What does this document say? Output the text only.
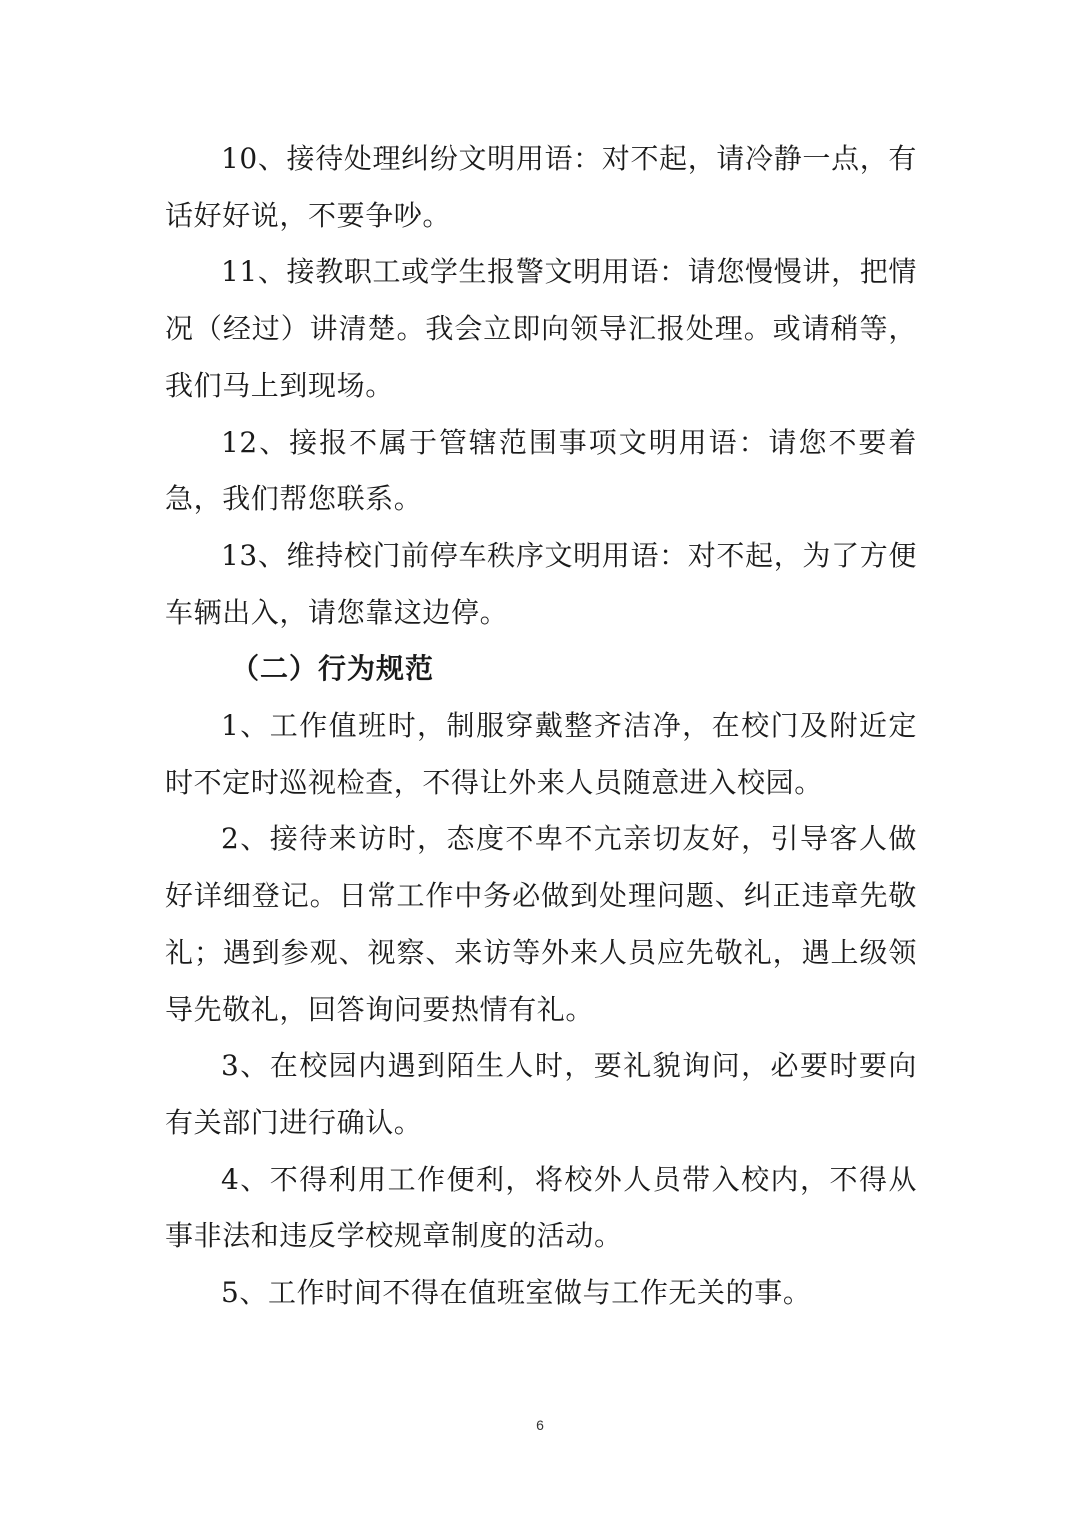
10、接待处理纠纷文明用语：对不起，请冷静一点，有话好好说，不要争吵。

11、接教职工或学生报警文明用语：请您慢慢讲，把情况（经过）讲清楚。我会立即向领导汇报处理。或请稍等，我们马上到现场。

12、接报不属于管辖范围事项文明用语：请您不要着急，我们帮您联系。

13、维持校门前停车秩序文明用语：对不起，为了方便车辆出入，请您靠这边停。

（二）行为规范

1、工作值班时，制服穿戴整齐洁净，在校门及附近定时不定时巡视检查，不得让外来人员随意进入校园。

2、接待来访时，态度不卑不亢亲切友好，引导客人做好详细登记。日常工作中务必做到处理问题、纠正违章先敬礼；遇到参观、视察、来访等外来人员应先敬礼，遇上级领导先敬礼，回答询问要热情有礼。

3、在校园内遇到陌生人时，要礼貌询问，必要时要向有关部门进行确认。

4、不得利用工作便利，将校外人员带入校内，不得从事非法和违反学校规章制度的活动。

5、工作时间不得在值班室做与工作无关的事。

6
